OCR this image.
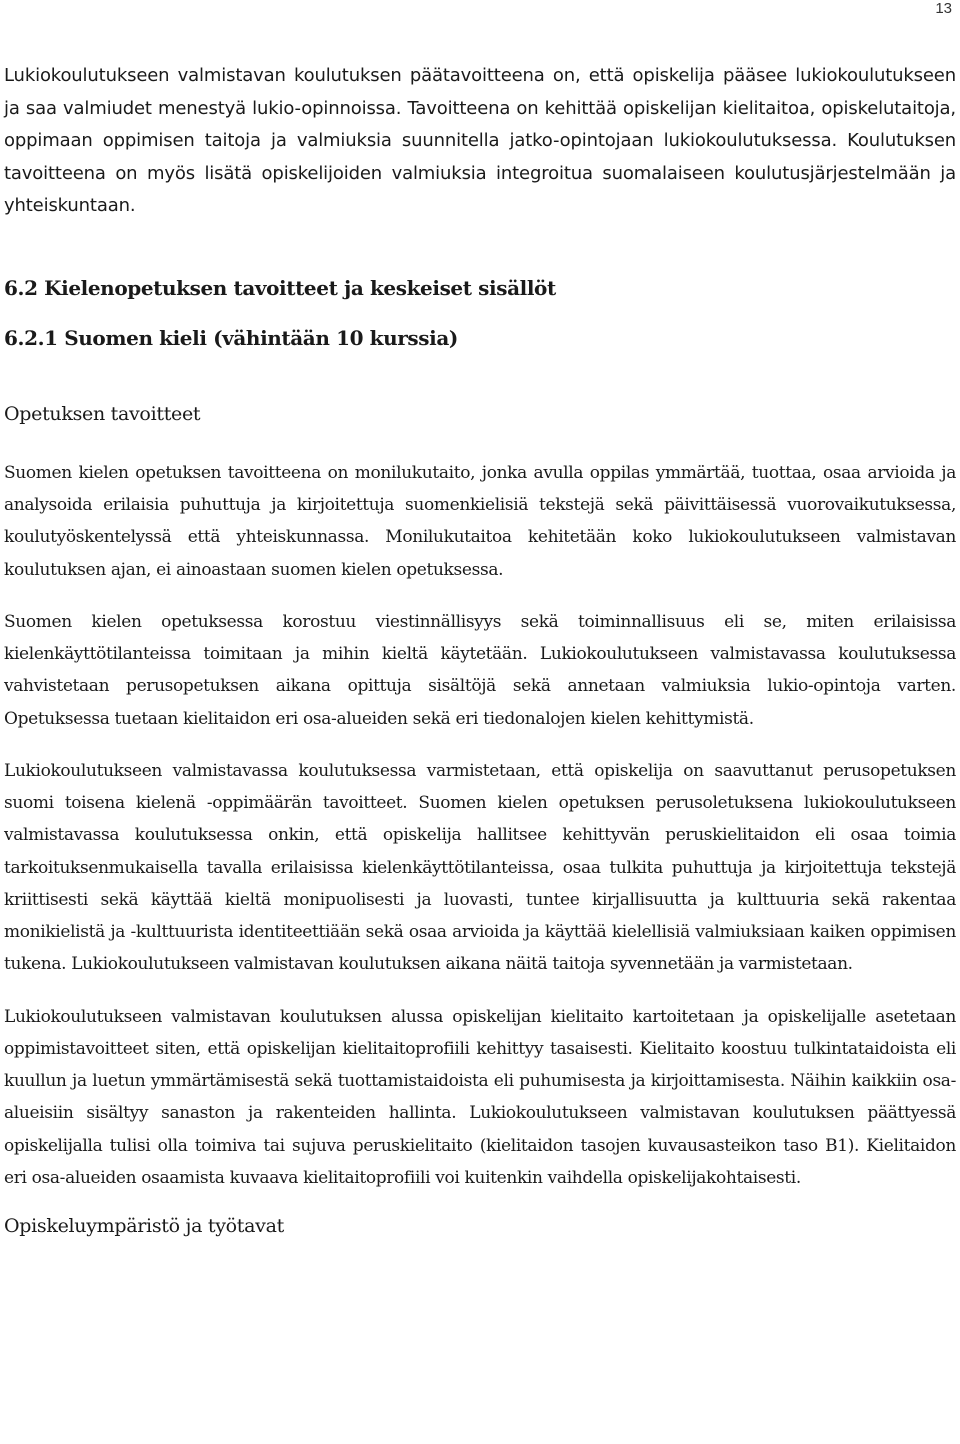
13

Lukiokoulutukseen valmistavan koulutuksen päätavoitteena on, että opiskelija pääsee lukiokoulutukseen ja saa valmiudet menestyä lukio-opinnoissa. Tavoitteena on kehittää opiskelijan kielitaitoa, opiskelutaitoja, oppimaan oppimisen taitoja ja valmiuksia suunnitella jatko-opintojaan lukiokoulutuksessa. Koulutuksen tavoitteena on myös lisätä opiskelijoiden valmiuksia integroitua suomalaiseen koulutusjärjestelmään ja yhteiskuntaan.

6.2 Kielenopetuksen tavoitteet ja keskeiset sisällöt
6.2.1 Suomen kieli (vähintään 10 kurssia)
Opetuksen tavoitteet

Suomen kielen opetuksen tavoitteena on monilukutaito, jonka avulla oppilas ymmärtää, tuottaa, osaa arvioida ja analysoida erilaisia puhuttuja ja kirjoitettuja suomenkielisiä tekstejä sekä päivittäisessä vuorovaikutuksessa, koulutyöskentelyssä että yhteiskunnassa. Monilukutaitoa kehitetään koko lukiokoulutukseen valmistavan koulutuksen ajan, ei ainoastaan suomen kielen opetuksessa.

Suomen kielen opetuksessa korostuu viestinnällisyys sekä toiminnallisuus eli se, miten erilaisissa kielenkäyttötilanteissa toimitaan ja mihin kieltä käytetään. Lukiokoulutukseen valmistavassa koulutuksessa vahvistetaan perusopetuksen aikana opittuja sisältöjä sekä annetaan valmiuksia lukio-opintoja varten. Opetuksessa tuetaan kielitaidon eri osa-alueiden sekä eri tiedonalojen kielen kehittymistä.

Lukiokoulutukseen valmistavassa koulutuksessa varmistetaan, että opiskelija on saavuttanut perusopetuksen suomi toisena kielenä -oppimäärän tavoitteet. Suomen kielen opetuksen perusoletuksena lukiokoulutukseen valmistavassa koulutuksessa onkin, että opiskelija hallitsee kehittyvän peruskielitaidon eli osaa toimia tarkoituksenmukaisella tavalla erilaisissa kielenkäyttötilanteissa, osaa tulkita puhuttuja ja kirjoitettuja tekstejä kriittisesti sekä käyttää kieltä monipuolisesti ja luovasti, tuntee kirjallisuutta ja kulttuuria sekä rakentaa monikielistä ja -kulttuurista identiteettiään sekä osaa arvioida ja käyttää kielellisiä valmiuksiaan kaiken oppimisen tukena. Lukiokoulutukseen valmistavan koulutuksen aikana näitä taitoja syvennetään ja varmistetaan.

Lukiokoulutukseen valmistavan koulutuksen alussa opiskelijan kielitaito kartoitetaan ja opiskelijalle asetetaan oppimistavoitteet siten, että opiskelijan kielitaitoprofiili kehittyy tasaisesti. Kielitaito koostuu tulkintataidoista eli kuullun ja luetun ymmärtämisestä sekä tuottamistaidoista eli puhumisesta ja kirjoittamisesta. Näihin kaikkiin osa-alueisiin sisältyy sanaston ja rakenteiden hallinta. Lukiokoulutukseen valmistavan koulutuksen päättyessä opiskelijalla tulisi olla toimiva tai sujuva peruskielitaito (kielitaidon tasojen kuvausasteikon taso B1). Kielitaidon eri osa-alueiden osaamista kuvaava kielitaitoprofiili voi kuitenkin vaihdella opiskelijakohtaisesti.

Opiskeluympäristö ja työtavat
